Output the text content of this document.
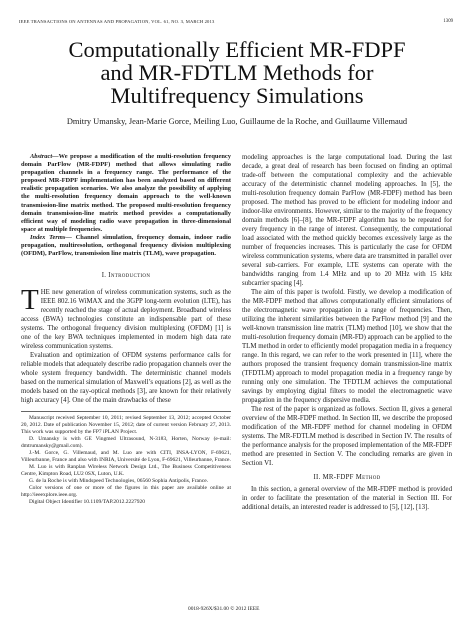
IEEE TRANSACTIONS ON ANTENNAS AND PROPAGATION, VOL. 61, NO. 3, MARCH 2013	1309
Computationally Efficient MR-FDPF
and MR-FDTLM Methods for
Multifrequency Simulations
Dmitry Umansky, Jean-Marie Gorce, Meiling Luo, Guillaume de la Roche, and Guillaume Villemaud

Abstract—We propose a modification of the multi-resolution frequency domain ParFlow (MR-FDPF) method that allows simulating radio propagation channels in a frequency range. The performance of the proposed MR-FDPF implementation has been analyzed based on different realistic propagation scenarios. We also analyze the possibility of applying the multi-resolution frequency domain approach to the well-known transmission-line matrix method. The proposed multi-resolution frequency domain transmission-line matrix method provides a computationally efficient way of modeling radio wave propagation in three-dimensional space at multiple frequencies.

Index Terms— Channel simulation, frequency domain, indoor radio propagation, multiresolution, orthogonal frequency division multiplexing (OFDM), ParFlow, transmission line matrix (TLM), wave propagation.

I. Introduction

THE new generation of wireless communication systems, such as the IEEE 802.16 WiMAX and the 3GPP long-term evolution (LTE), has recently reached the stage of actual deployment. Broadband wireless access (BWA) technologies constitute an indispensable part of these systems. The orthogonal frequency division multiplexing (OFDM) [1] is one of the key BWA techniques implemented in modern high data rate wireless communication systems.

Evaluation and optimization of OFDM systems performance calls for reliable models that adequately describe radio propagation channels over the whole system frequency bandwidth. The deterministic channel models based on the numerical simulation of Maxwell’s equations [2], as well as the models based on the ray-optical methods [3], are known for their relatively high accuracy [4]. One of the main drawbacks of these

Manuscript received September 10, 2011; revised September 13, 2012; accepted October 20, 2012. Date of publication November 15, 2012; date of current version February 27, 2013. This work was supported by the FP7 iPLAN Project.

D. Umansky is with GE Vingmed Ultrasound, N-3183, Horten, Norway (e-mail: dmtrumansky@gmail.com).

J.-M. Gorce, G. Villemaud, and M. Luo are with CITI, INSA-LYON, F-69621, Villeurbanne, France and also with INRIA, Université de Lyon, F-69621, Villeurbanne, France.

M. Luo is with Ranplan Wireless Network Design Ltd., The Business Competitiveness Centre, Kimpton Road, LU2 0SX, Luton, U.K.

G. de la Roche is with Mindspeed Technologies, 06560 Sophia Antipolis, France.

Color versions of one or more of the figures in this paper are available online at http://ieeexplore.ieee.org.

Digital Object Identifier 10.1109/TAP.2012.2227920

modeling approaches is the large computational load. During the last decade, a great deal of research has been focused on finding an optimal trade-off between the computational complexity and the achievable accuracy of the deterministic channel modeling approaches. In [5], the multi-resolution frequency domain ParFlow (MR-FDPF) method has been proposed. The method has proved to be efficient for modeling indoor and indoor-like environments. However, similar to the majority of the frequency domain methods [6]–[8], the MR-FDPF algorithm has to be repeated for every frequency in the range of interest. Consequently, the computational load associated with the method quickly becomes excessively large as the number of frequencies increases. This is particularly the case for OFDM wireless communication systems, where data are transmitted in parallel over several sub-carriers. For example, LTE systems can operate with the bandwidths ranging from 1.4 MHz and up to 20 MHz with 15 kHz subcarrier spacing [4].

The aim of this paper is twofold. Firstly, we develop a modification of the MR-FDPF method that allows computationally efficient simulations of the electromagnetic wave propagation in a range of frequencies. Then, utilizing the inherent similarities between the ParFlow method [9] and the well-known transmission line matrix (TLM) method [10], we show that the multi-resolution frequency domain (MR-FD) approach can be applied to the TLM method in order to efficiently model propagation media in a frequency range. In this regard, we can refer to the work presented in [11], where the authors proposed the transient frequency domain transmission-line matrix (TFDTLM) approach to model propagation media in a frequency range by running only one simulation. The TFDTLM achieves the computational savings by employing digital filters to model the electromagnetic wave propagation in the frequency dispersive media.

The rest of the paper is organized as follows. Section II, gives a general overview of the MR-FDPF method. In Section III, we describe the proposed modification of the MR-FDPF method for channel modeling in OFDM systems. The MR-FDTLM method is described in Section IV. The results of the performance analysis for the proposed implementation of the MR-FDPF method are presented in Section V. The concluding remarks are given in Section VI.

II. MR-FDPF Method

In this section, a general overview of the MR-FDPF method is provided in order to facilitate the presentation of the material in Section III. For additional details, an interested reader is addressed to [5], [12], [13].

0018-926X/$31.00 © 2012 IEEE
